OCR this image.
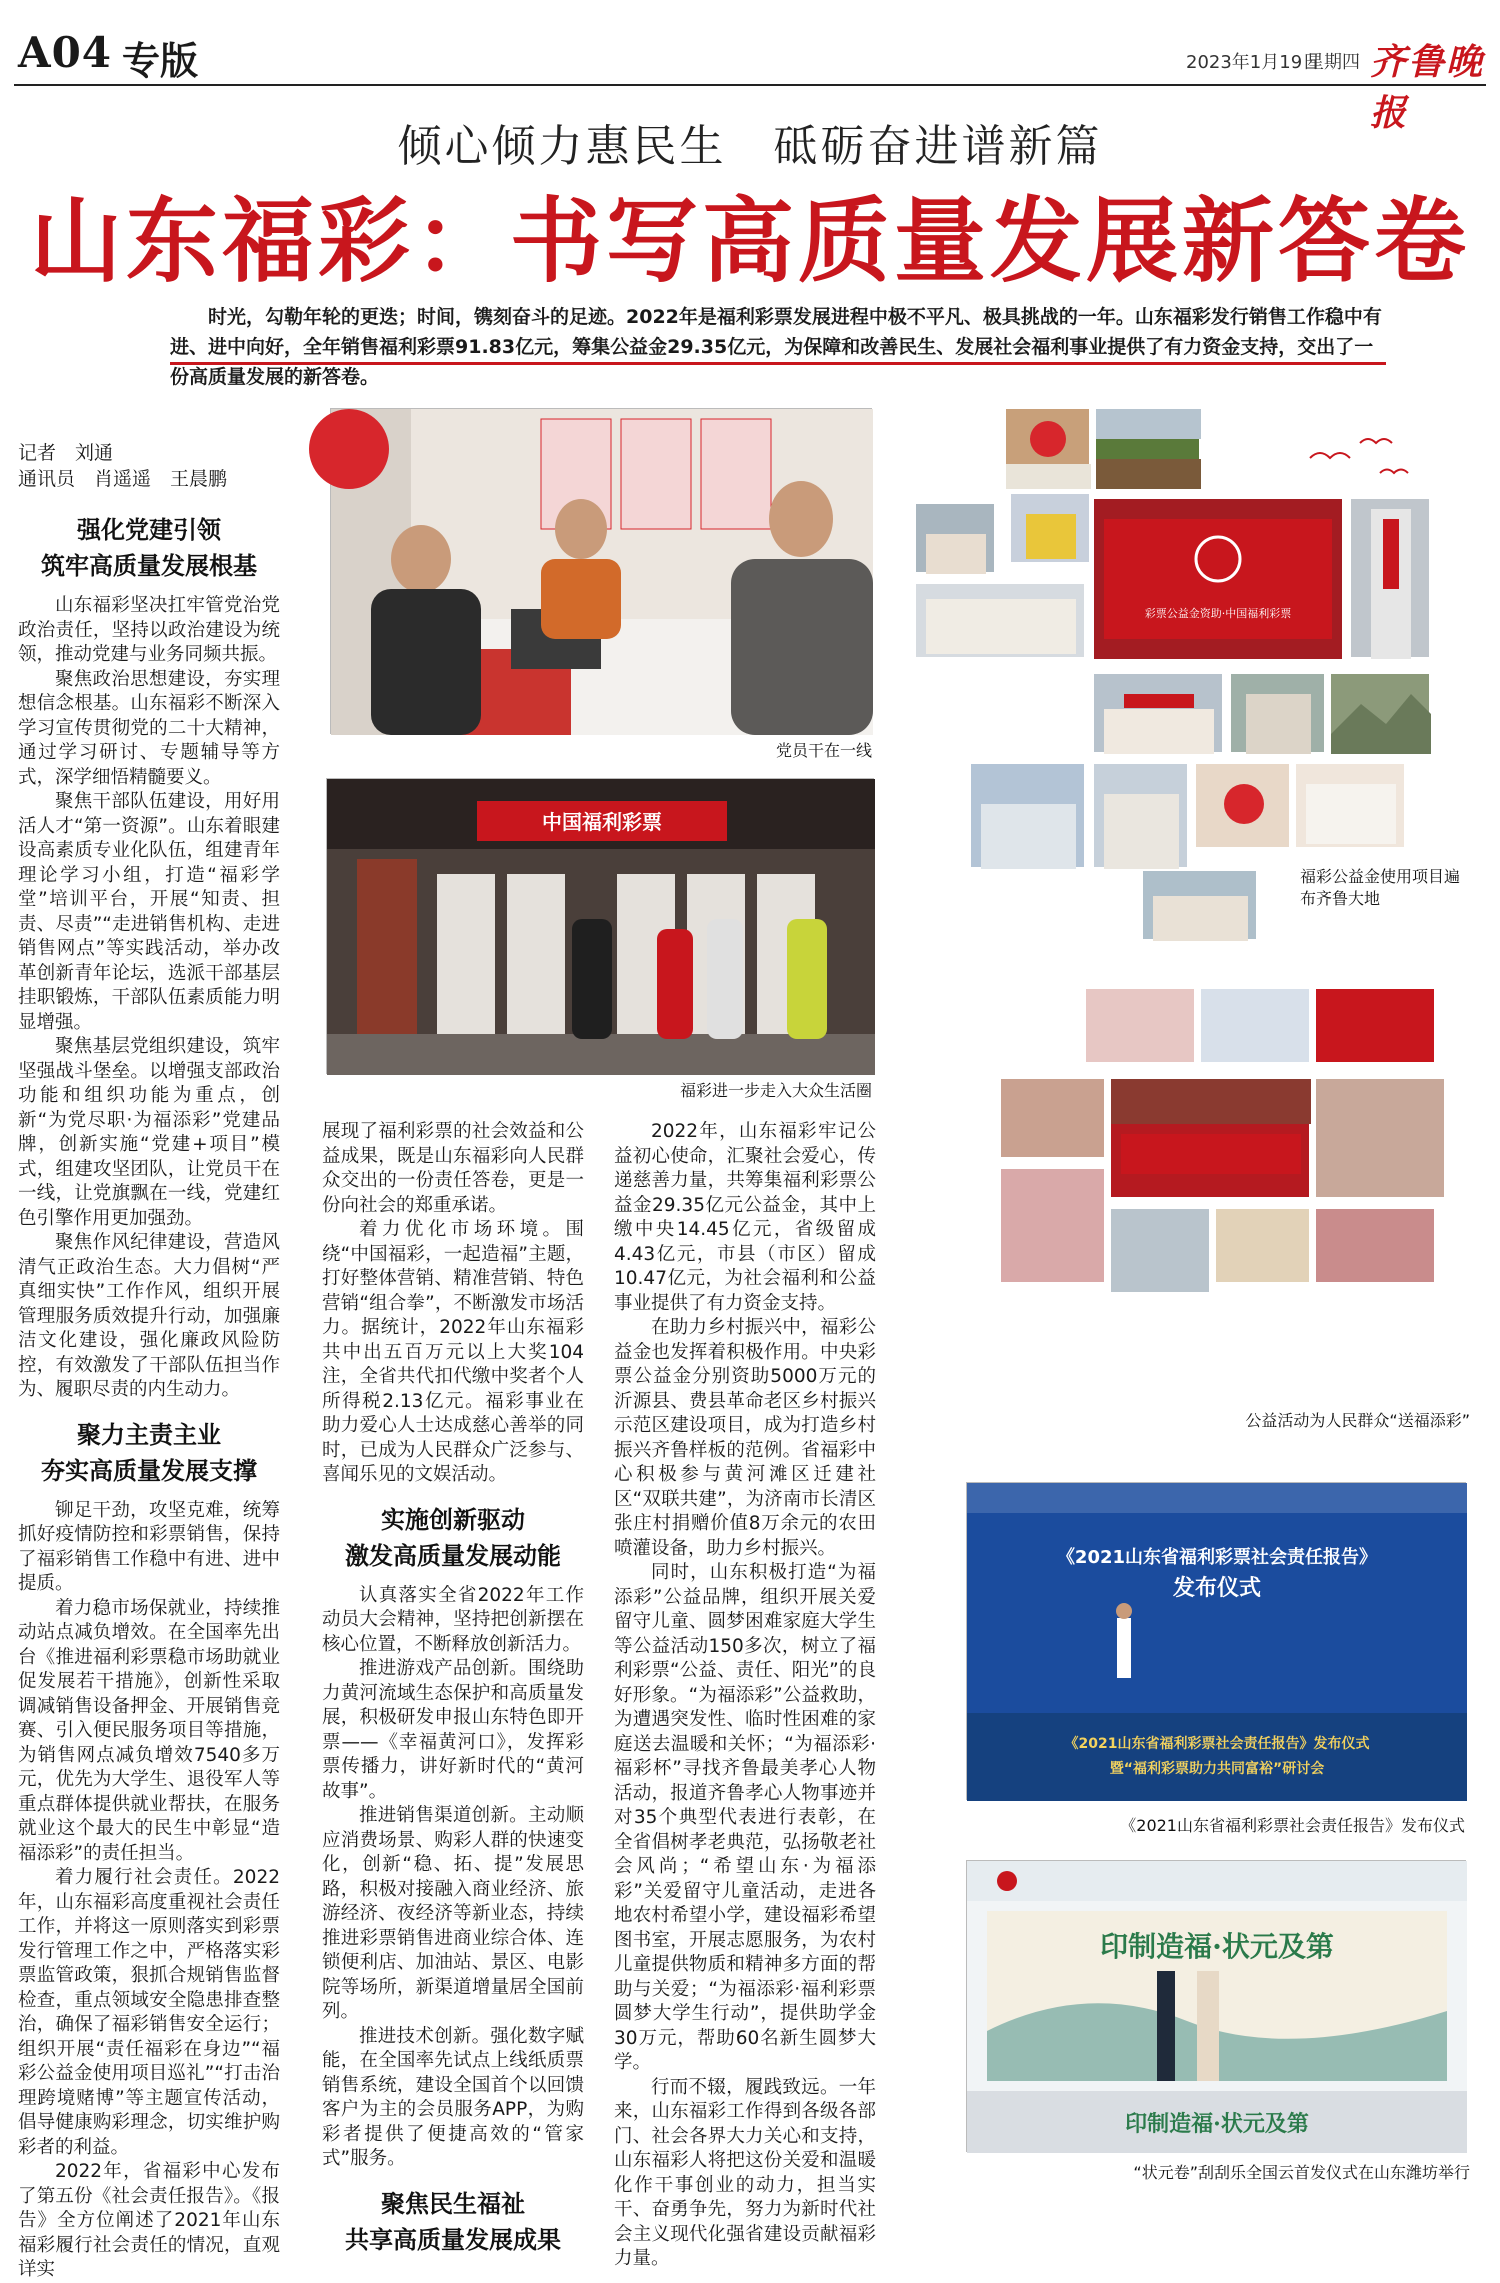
A04 专版	2023年1月19日
星期四 齐鲁晚报
倾心倾力惠民生　砥砺奋进谱新篇
山东福彩：书写高质量发展新答卷
时光，勾勒年轮的更迭；时间，镌刻奋斗的足迹。2022年是福利彩票发展进程中极不平凡、极具挑战的一年。山东福彩发行销售工作稳中有进、进中向好，全年销售福利彩票91.83亿元，筹集公益金29.35亿元，为保障和改善民生、发展社会福利事业提供了有力资金支持，交出了一份高质量发展的新答卷。
记者　刘通
通讯员　肖遥遥　王晨鹏
强化党建引领
筑牢高质量发展根基

山东福彩坚决扛牢管党治党政治责任，坚持以政治建设为统领，推动党建与业务同频共振。

聚焦政治思想建设，夯实理想信念根基。山东福彩不断深入学习宣传贯彻党的二十大精神，通过学习研讨、专题辅导等方式，深学细悟精髓要义。

聚焦干部队伍建设，用好用活人才“第一资源”。山东着眼建设高素质专业化队伍，组建青年理论学习小组，打造“福彩学堂”培训平台，开展“知责、担责、尽责”“走进销售机构、走进销售网点”等实践活动，举办改革创新青年论坛，选派干部基层挂职锻炼，干部队伍素质能力明显增强。

聚焦基层党组织建设，筑牢坚强战斗堡垒。以增强支部政治功能和组织功能为重点，创新“为党尽职·为福添彩”党建品牌，创新实施“党建+项目”模式，组建攻坚团队，让党员干在一线，让党旗飘在一线，党建红色引擎作用更加强劲。

聚焦作风纪律建设，营造风清气正政治生态。大力倡树“严真细实快”工作作风，组织开展管理服务质效提升行动，加强廉洁文化建设，强化廉政风险防控，有效激发了干部队伍担当作为、履职尽责的内生动力。

聚力主责主业
夯实高质量发展支撑

铆足干劲，攻坚克难，统筹抓好疫情防控和彩票销售，保持了福彩销售工作稳中有进、进中提质。

着力稳市场保就业，持续推动站点减负增效。在全国率先出台《推进福利彩票稳市场助就业促发展若干措施》，创新性采取调减销售设备押金、开展销售竞赛、引入便民服务项目等措施，为销售网点减负增效7540多万元，优先为大学生、退役军人等重点群体提供就业帮扶，在服务就业这个最大的民生中彰显“造福添彩”的责任担当。

着力履行社会责任。2022年，山东福彩高度重视社会责任工作，并将这一原则落实到彩票发行管理工作之中，严格落实彩票监管政策，狠抓合规销售监督检查，重点领域安全隐患排查整治，确保了福彩销售安全运行；组织开展“责任福彩在身边”“福彩公益金使用项目巡礼”“打击治理跨境赌博”等主题宣传活动，倡导健康购彩理念，切实维护购彩者的利益。

2022年，省福彩中心发布了第五份《社会责任报告》。《报告》全方位阐述了2021年山东福彩履行社会责任的情况，直观详实

党员干在一线
中国福利彩票
福彩进一步走入大众生活圈

展现了福利彩票的社会效益和公益成果，既是山东福彩向人民群众交出的一份责任答卷，更是一份向社会的郑重承诺。

着力优化市场环境。围绕“中国福彩，一起造福”主题，打好整体营销、精准营销、特色营销“组合拳”，不断激发市场活力。据统计，2022年山东福彩共中出五百万元以上大奖104注，全省共代扣代缴中奖者个人所得税2.13亿元。福彩事业在助力爱心人士达成慈心善举的同时，已成为人民群众广泛参与、喜闻乐见的文娱活动。

实施创新驱动
激发高质量发展动能

认真落实全省2022年工作动员大会精神，坚持把创新摆在核心位置，不断释放创新活力。

推进游戏产品创新。围绕助力黄河流域生态保护和高质量发展，积极研发申报山东特色即开票——《幸福黄河口》，发挥彩票传播力，讲好新时代的“黄河故事”。

推进销售渠道创新。主动顺应消费场景、购彩人群的快速变化，创新“稳、拓、提”发展思路，积极对接融入商业经济、旅游经济、夜经济等新业态，持续推进彩票销售进商业综合体、连锁便利店、加油站、景区、电影院等场所，新渠道增量居全国前列。

推进技术创新。强化数字赋能，在全国率先试点上线纸质票销售系统，建设全国首个以回馈客户为主的会员服务APP，为购彩者提供了便捷高效的“管家式”服务。

聚焦民生福祉
共享高质量发展成果

2022年，山东福彩牢记公益初心使命，汇聚社会爱心，传递慈善力量，共筹集福利彩票公益金29.35亿元公益金，其中上缴中央14.45亿元，省级留成4.43亿元，市县（市区）留成10.47亿元，为社会福利和公益事业提供了有力资金支持。

在助力乡村振兴中，福彩公益金也发挥着积极作用。中央彩票公益金分别资助5000万元的沂源县、费县革命老区乡村振兴示范区建设项目，成为打造乡村振兴齐鲁样板的范例。省福彩中心积极参与黄河滩区迁建社区“双联共建”，为济南市长清区张庄村捐赠价值8万余元的农田喷灌设备，助力乡村振兴。

同时，山东积极打造“为福添彩”公益品牌，组织开展关爱留守儿童、圆梦困难家庭大学生等公益活动150多次，树立了福利彩票“公益、责任、阳光”的良好形象。“为福添彩”公益救助，为遭遇突发性、临时性困难的家庭送去温暖和关怀；“为福添彩·福彩杯”寻找齐鲁最美孝心人物活动，报道齐鲁孝心人物事迹并对35个典型代表进行表彰，在全省倡树孝老典范，弘扬敬老社会风尚；“希望山东·为福添彩”关爱留守儿童活动，走进各地农村希望小学，建设福彩希望图书室，开展志愿服务，为农村儿童提供物质和精神多方面的帮助与关爱；“为福添彩·福利彩票圆梦大学生行动”，提供助学金30万元，帮助60名新生圆梦大学。

行而不辍，履践致远。一年来，山东福彩工作得到各级各部门、社会各界大力关心和支持，山东福彩人将把这份关爱和温暖化作干事创业的动力，担当实干、奋勇争先，努力为新时代社会主义现代化强省建设贡献福彩力量。

彩票公益金资助·中国福利彩票
福彩公益金使用项目遍布齐鲁大地
公益活动为人民群众“送福添彩”
《2021山东省福利彩票社会责任报告》
发布仪式
《2021山东省福利彩票社会责任报告》发布仪式
暨“福利彩票助力共同富裕”研讨会
《2021山东省福利彩票社会责任报告》发布仪式
印制造福·状元及第
印制造福·状元及第
“状元卷”刮刮乐全国云首发仪式在山东潍坊举行
